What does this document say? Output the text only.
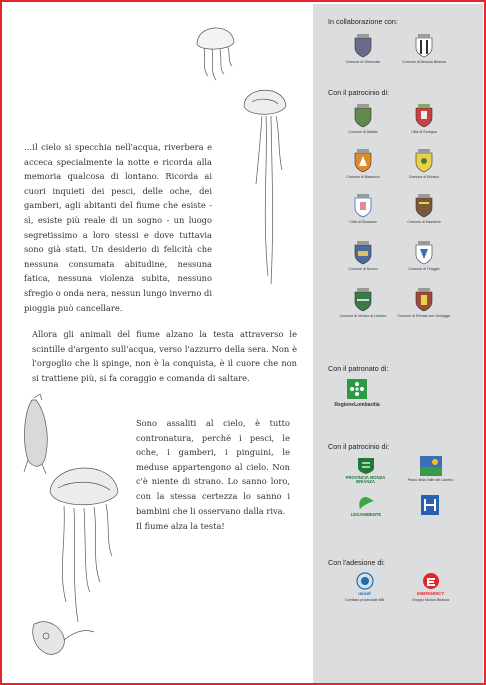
…il cielo si specchia nell'acqua, riverbera e acceca specialmente la notte e ricorda alla memoria qualcosa di lontano. Ricorda ai cuori inquieti dei pesci, delle oche, dei gamberi, agli abitanti del fiume che esiste - sì, esiste più reale di un sogno - un luogo segretissimo a loro stessi e dove tuttavia sono già stati. Un desiderio di felicità che nessuna consumata abitudine, nessuna fatica, nessuna violenza subita, nessuno sfregio o onda nera, nessun lungo inverno di pioggia può cancellare.
Allora gli animali del fiume alzano la testa attraverso le scintille d'argento sull'acqua, verso l'azzurro della sera. Non è l'orgoglio che li spinge, non è la conquista, è il cuore che non si trattiene più, si fa coraggio e comanda di saltare.
Sono assaliti al cielo, è tutto contronatura, perché i pesci, le oche, i gamberi, i pinguini, le meduse appartengono al cielo. Non c'è niente di strano. Lo sanno loro, con la stessa certezza lo sanno i bambini che li osservano dalla riva.
Il fiume alza la testa!
In collaborazione con:
Comune di Vimercate	Comune di Besana Brianza
Con il patrocinio di:
Comune di Albiate	Città di Seregno
Comune di Biassono	Comune di Briosco
Città di Giussano	Comune di Macherio
Comune di Sovico	Comune di Triuggio
Comune di Verano al Lambro	Comune di Renate con Veduggio
Con il patronato di:
RegioneLombardia
Con il patrocinio di:
PROVINCIA MONZA BRIANZA	Parco della Valle del Lambro
LEGAMBIENTE
Con l'adesione di:
unicef
Comitato provinciale MB
EMERGENCY
Gruppo Monza Brianza
